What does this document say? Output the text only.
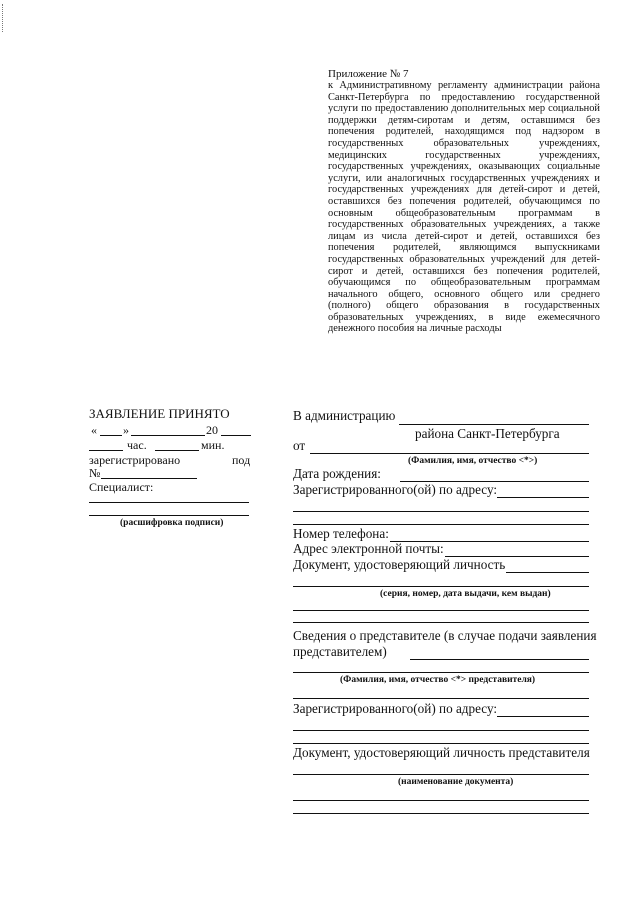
Приложение № 7

к Административному регламенту администрации района Санкт-Петербурга по предоставлению государственной услуги по предоставлению дополнительных мер социальной поддержки детям-сиротам и детям, оставшимся без попечения родителей, находящимся под надзором в государственных образовательных учреждениях, медицинских государственных учреждениях, государственных учреждениях, оказывающих социальные услуги, или аналогичных государственных учреждениях и государственных учреждениях для детей-сирот и детей, оставшихся без попечения родителей, обучающимся по основным общеобразовательным программам в государственных образовательных учреждениях, а также лицам из числа детей-сирот и детей, оставшихся без попечения родителей, являющимся выпускниками государственных образовательных учреждений для детей-сирот и детей, оставшихся без попечения родителей, обучающимся по общеобразовательным программам начального общего, основного общего или среднего (полного) общего образования в государственных образовательных учреждениях, в виде ежемесячного денежного пособия на личные расходы

ЗАЯВЛЕНИЕ ПРИНЯТО
« »	20
час.	мин.
зарегистрировано	под
№
Специалист:
(расшифровка подписи)
В администрацию
района Санкт-Петербурга
от
(Фамилия, имя, отчество <*>)
Дата рождения:
Зарегистрированного(ой) по адресу:
Номер телефона:
Адрес электронной почты:
Документ, удостоверяющий личность
(серия, номер, дата выдачи, кем выдан)
Сведения о представителе (в случае подачи заявления
представителем)
(Фамилия, имя, отчество <*> представителя)
Зарегистрированного(ой) по адресу:
Документ, удостоверяющий личность представителя
(наименование документа)
